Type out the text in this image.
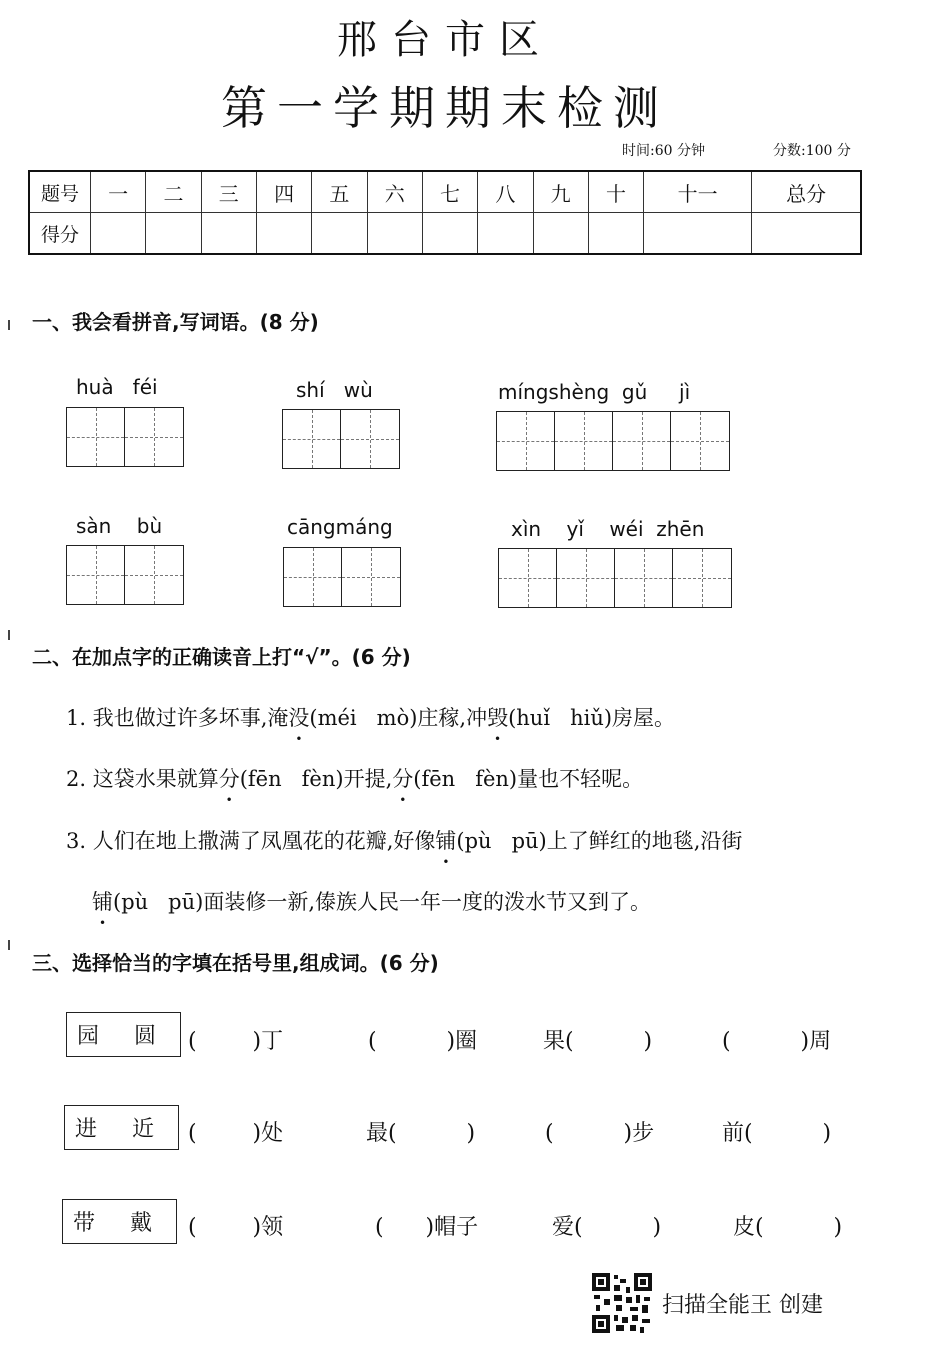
邢台市区
第一学期期末检测
时间:60 分钟	分数:100 分
题号	一	二	三	四	五	六	七	八	九	十	十一	总分
得分												
一、我会看拼音,写词语。(8 分)
huà   féi	shí   wù	míngshèng  gǔ     jì
sàn    bù	cāngmáng	xìn    yǐ    wéi  zhēn
二、在加点字的正确读音上打“√”。(6 分)
1. 我也做过许多坏事,淹没(méi   mò)庄稼,冲毁(huǐ   hiǔ)房屋。
2. 这袋水果就算分(fēn   fèn)开提,分(fēn   fèn)量也不轻呢。
3. 人们在地上撒满了凤凰花的花瓣,好像铺(pù   pū)上了鲜红的地毯,沿街
铺(pù   pū)面装修一新,傣族人民一年一度的泼水节又到了。
三、选择恰当的字填在括号里,组成词。(6 分)
园 圆 (        )丁	(          )圈	果(          )	(          )周
进 近 (        )处	最(          )	(          )步	前(          )
带 戴	(        )领	(      )帽子	爱(          )	皮(          )
扫描全能王 创建
